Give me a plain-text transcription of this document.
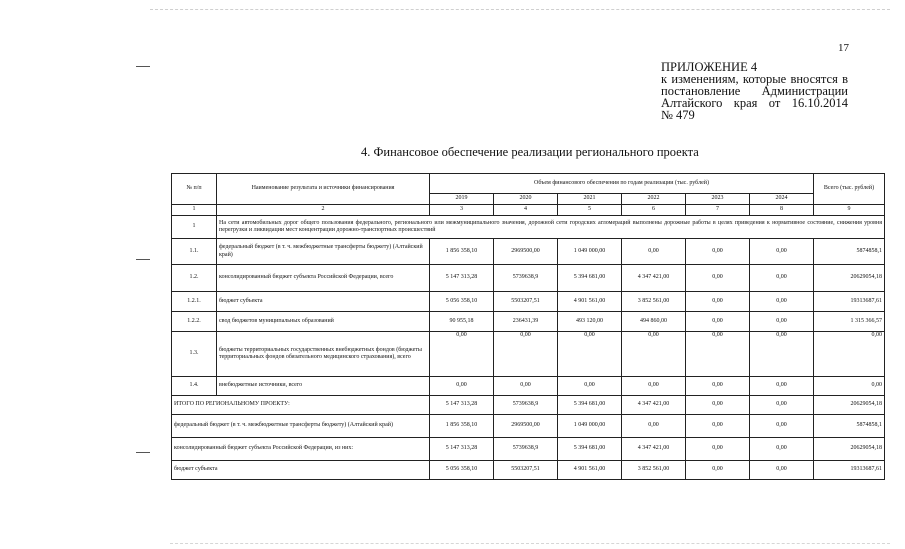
17
ПРИЛОЖЕНИЕ 4
к изменениям, которые вносятся в
постановление Администрации
Алтайского края от 16.10.2014
№ 479
4. Финансовое обеспечение реализации регионального проекта
№ п/п	Наименование результата и источники финансирования	Объем финансового обеспечения по годам реализации (тыс. рублей)						Всего (тыс. рублей)
		2019	2020	2021	2022	2023	2024	
1	2	3	4	5	6	7	8	9
1	На сети автомобильных дорог общего пользования федерального, регионального или межмуниципального значения, дорожной сети городских агломераций выполнены дорожные работы в целях приведения к нормативное состояние, снижения уровня перегрузки и ликвидации мест концентрации дорожно-транспортных происшествий							
1.1.	федеральный бюджет (в т. ч. межбюджетные трансферты бюджету) (Алтайский край)	1 856 358,10	2969500,00	1 049 000,00	0,00	0,00	0,00	5874858,1
1.2.	консолидированный бюджет субъекта Российской Федерации, всего	5 147 313,28	5739638,9	5 394 681,00	4 347 421,00	0,00	0,00	20629054,18
1.2.1.	бюджет субъекта	5 056 358,10	5503207,51	4 901 561,00	3 852 561,00	0,00	0,00	19313687,61
1.2.2.	свод бюджетов муниципальных образований	90 955,18	236431,39	493 120,00	494 860,00	0,00	0,00	1 315 366,57
1.3.	бюджеты территориальных государственных внебюджетных фондов (бюджеты территориальных фондов обязательного медицинского страхования), всего	0,00	0,00	0,00	0,00	0,00	0,00	0,00
1.4.	внебюджетные источники, всего	0,00	0,00	0,00	0,00	0,00	0,00	0,00
ИТОГО ПО РЕГИОНАЛЬНОМУ ПРОЕКТУ:		5 147 313,28	5739638,9	5 394 681,00	4 347 421,00	0,00	0,00	20629054,18
федеральный бюджет (в т. ч. межбюджетные трансферты бюджету) (Алтайский край)		1 856 358,10	2969500,00	1 049 000,00	0,00	0,00	0,00	5874858,1
консолидированный бюджет субъекта Российской Федерации, из них:		5 147 313,28	5739638,9	5 394 681,00	4 347 421,00	0,00	0,00	20629054,18
бюджет субъекта		5 056 358,10	5503207,51	4 901 561,00	3 852 561,00	0,00	0,00	19313687,61
